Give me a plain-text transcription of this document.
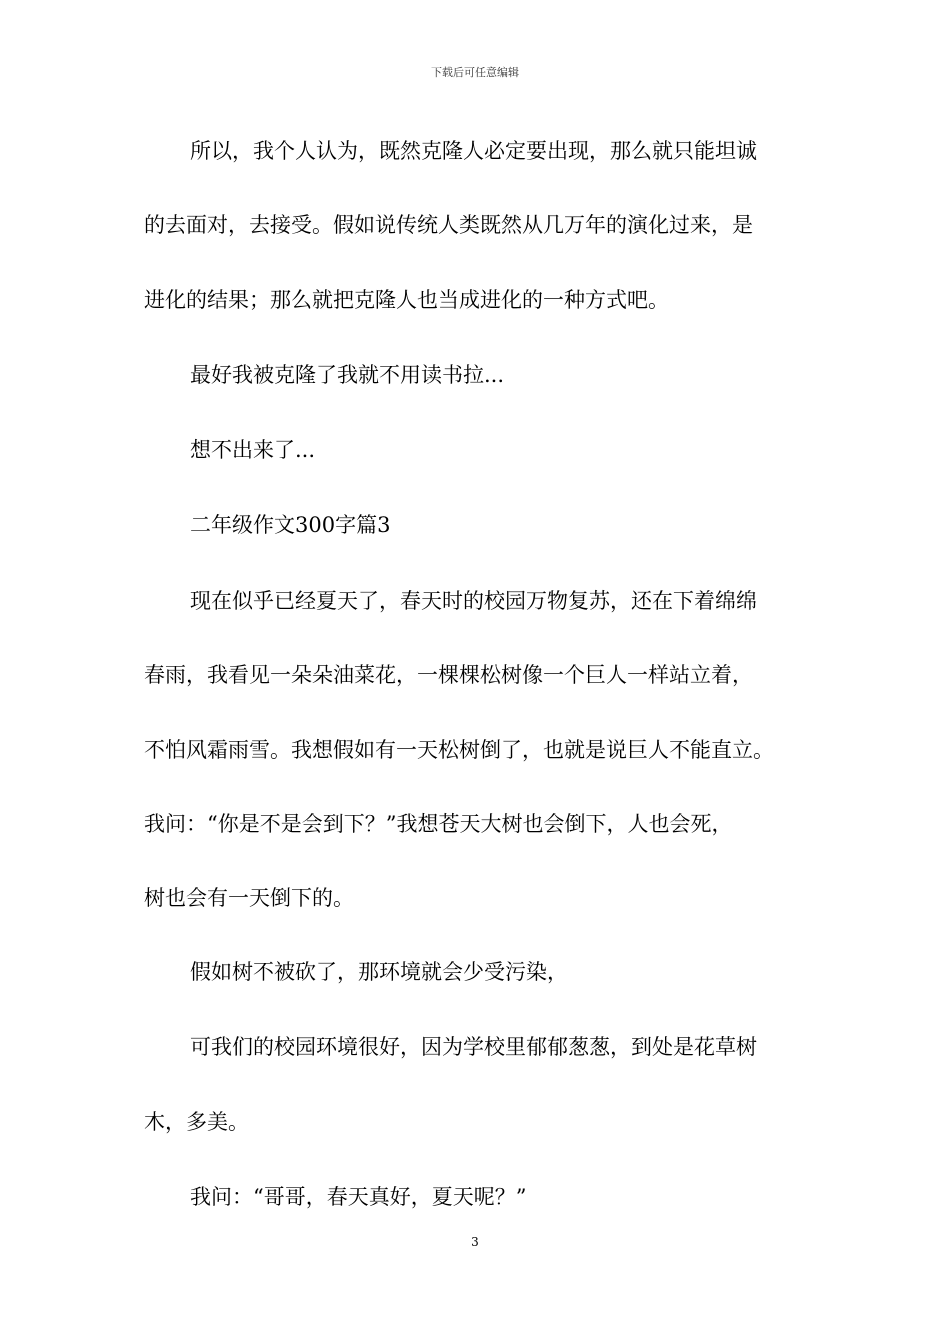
下载后可任意编辑
所以，我个人认为，既然克隆人必定要出现，那么就只能坦诚
的去面对，去接受。假如说传统人类既然从几万年的演化过来，是
进化的结果；那么就把克隆人也当成进化的一种方式吧。
最好我被克隆了我就不用读书拉...
想不出来了...
二年级作文300字篇3
现在似乎已经夏天了，春天时的校园万物复苏，还在下着绵绵
春雨，我看见一朵朵油菜花，一棵棵松树像一个巨人一样站立着，
不怕风霜雨雪。我想假如有一天松树倒了，也就是说巨人不能直立。
我问：“你是不是会到下？”我想苍天大树也会倒下，人也会死，
树也会有一天倒下的。
假如树不被砍了，那环境就会少受污染，
可我们的校园环境很好，因为学校里郁郁葱葱，到处是花草树
木，多美。
我问：“哥哥，春天真好，夏天呢？”
3
